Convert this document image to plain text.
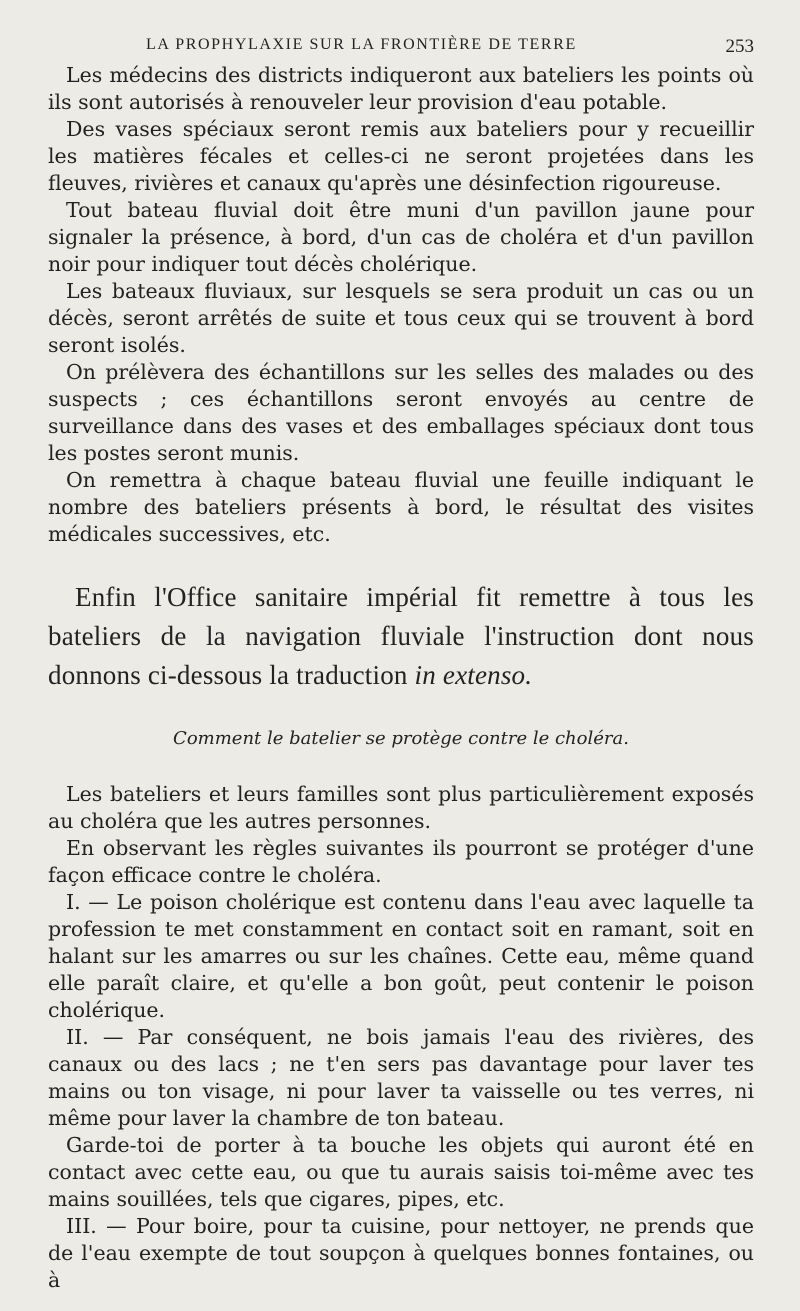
LA PROPHYLAXIE SUR LA FRONTIÈRE DE TERRE	253

Les médecins des districts indiqueront aux bateliers les points où ils sont autorisés à renouveler leur provision d'eau potable.

Des vases spéciaux seront remis aux bateliers pour y recueillir les matières fécales et celles-ci ne seront projetées dans les fleuves, rivières et canaux qu'après une désinfection rigoureuse.

Tout bateau fluvial doit être muni d'un pavillon jaune pour signaler la présence, à bord, d'un cas de choléra et d'un pavillon noir pour indiquer tout décès cholérique.

Les bateaux fluviaux, sur lesquels se sera produit un cas ou un décès, seront arrêtés de suite et tous ceux qui se trouvent à bord seront isolés.

On prélèvera des échantillons sur les selles des malades ou des suspects ; ces échantillons seront envoyés au centre de surveillance dans des vases et des emballages spéciaux dont tous les postes seront munis.

On remettra à chaque bateau fluvial une feuille indiquant le nombre des bateliers présents à bord, le résultat des visites médicales successives, etc.

Enfin l'Office sanitaire impérial fit remettre à tous les bateliers de la navigation fluviale l'instruction dont nous donnons ci-dessous la traduction in extenso.

Comment le batelier se protège contre le choléra.

Les bateliers et leurs familles sont plus particulièrement exposés au choléra que les autres personnes.

En observant les règles suivantes ils pourront se protéger d'une façon efficace contre le choléra.

I. — Le poison cholérique est contenu dans l'eau avec laquelle ta profession te met constamment en contact soit en ramant, soit en halant sur les amarres ou sur les chaînes. Cette eau, même quand elle paraît claire, et qu'elle a bon goût, peut contenir le poison cholérique.

II. — Par conséquent, ne bois jamais l'eau des rivières, des canaux ou des lacs ; ne t'en sers pas davantage pour laver tes mains ou ton visage, ni pour laver ta vaisselle ou tes verres, ni même pour laver la chambre de ton bateau.

Garde-toi de porter à ta bouche les objets qui auront été en contact avec cette eau, ou que tu aurais saisis toi-même avec tes mains souillées, tels que cigares, pipes, etc.

III. — Pour boire, pour ta cuisine, pour nettoyer, ne prends que de l'eau exempte de tout soupçon à quelques bonnes fontaines, ou à
